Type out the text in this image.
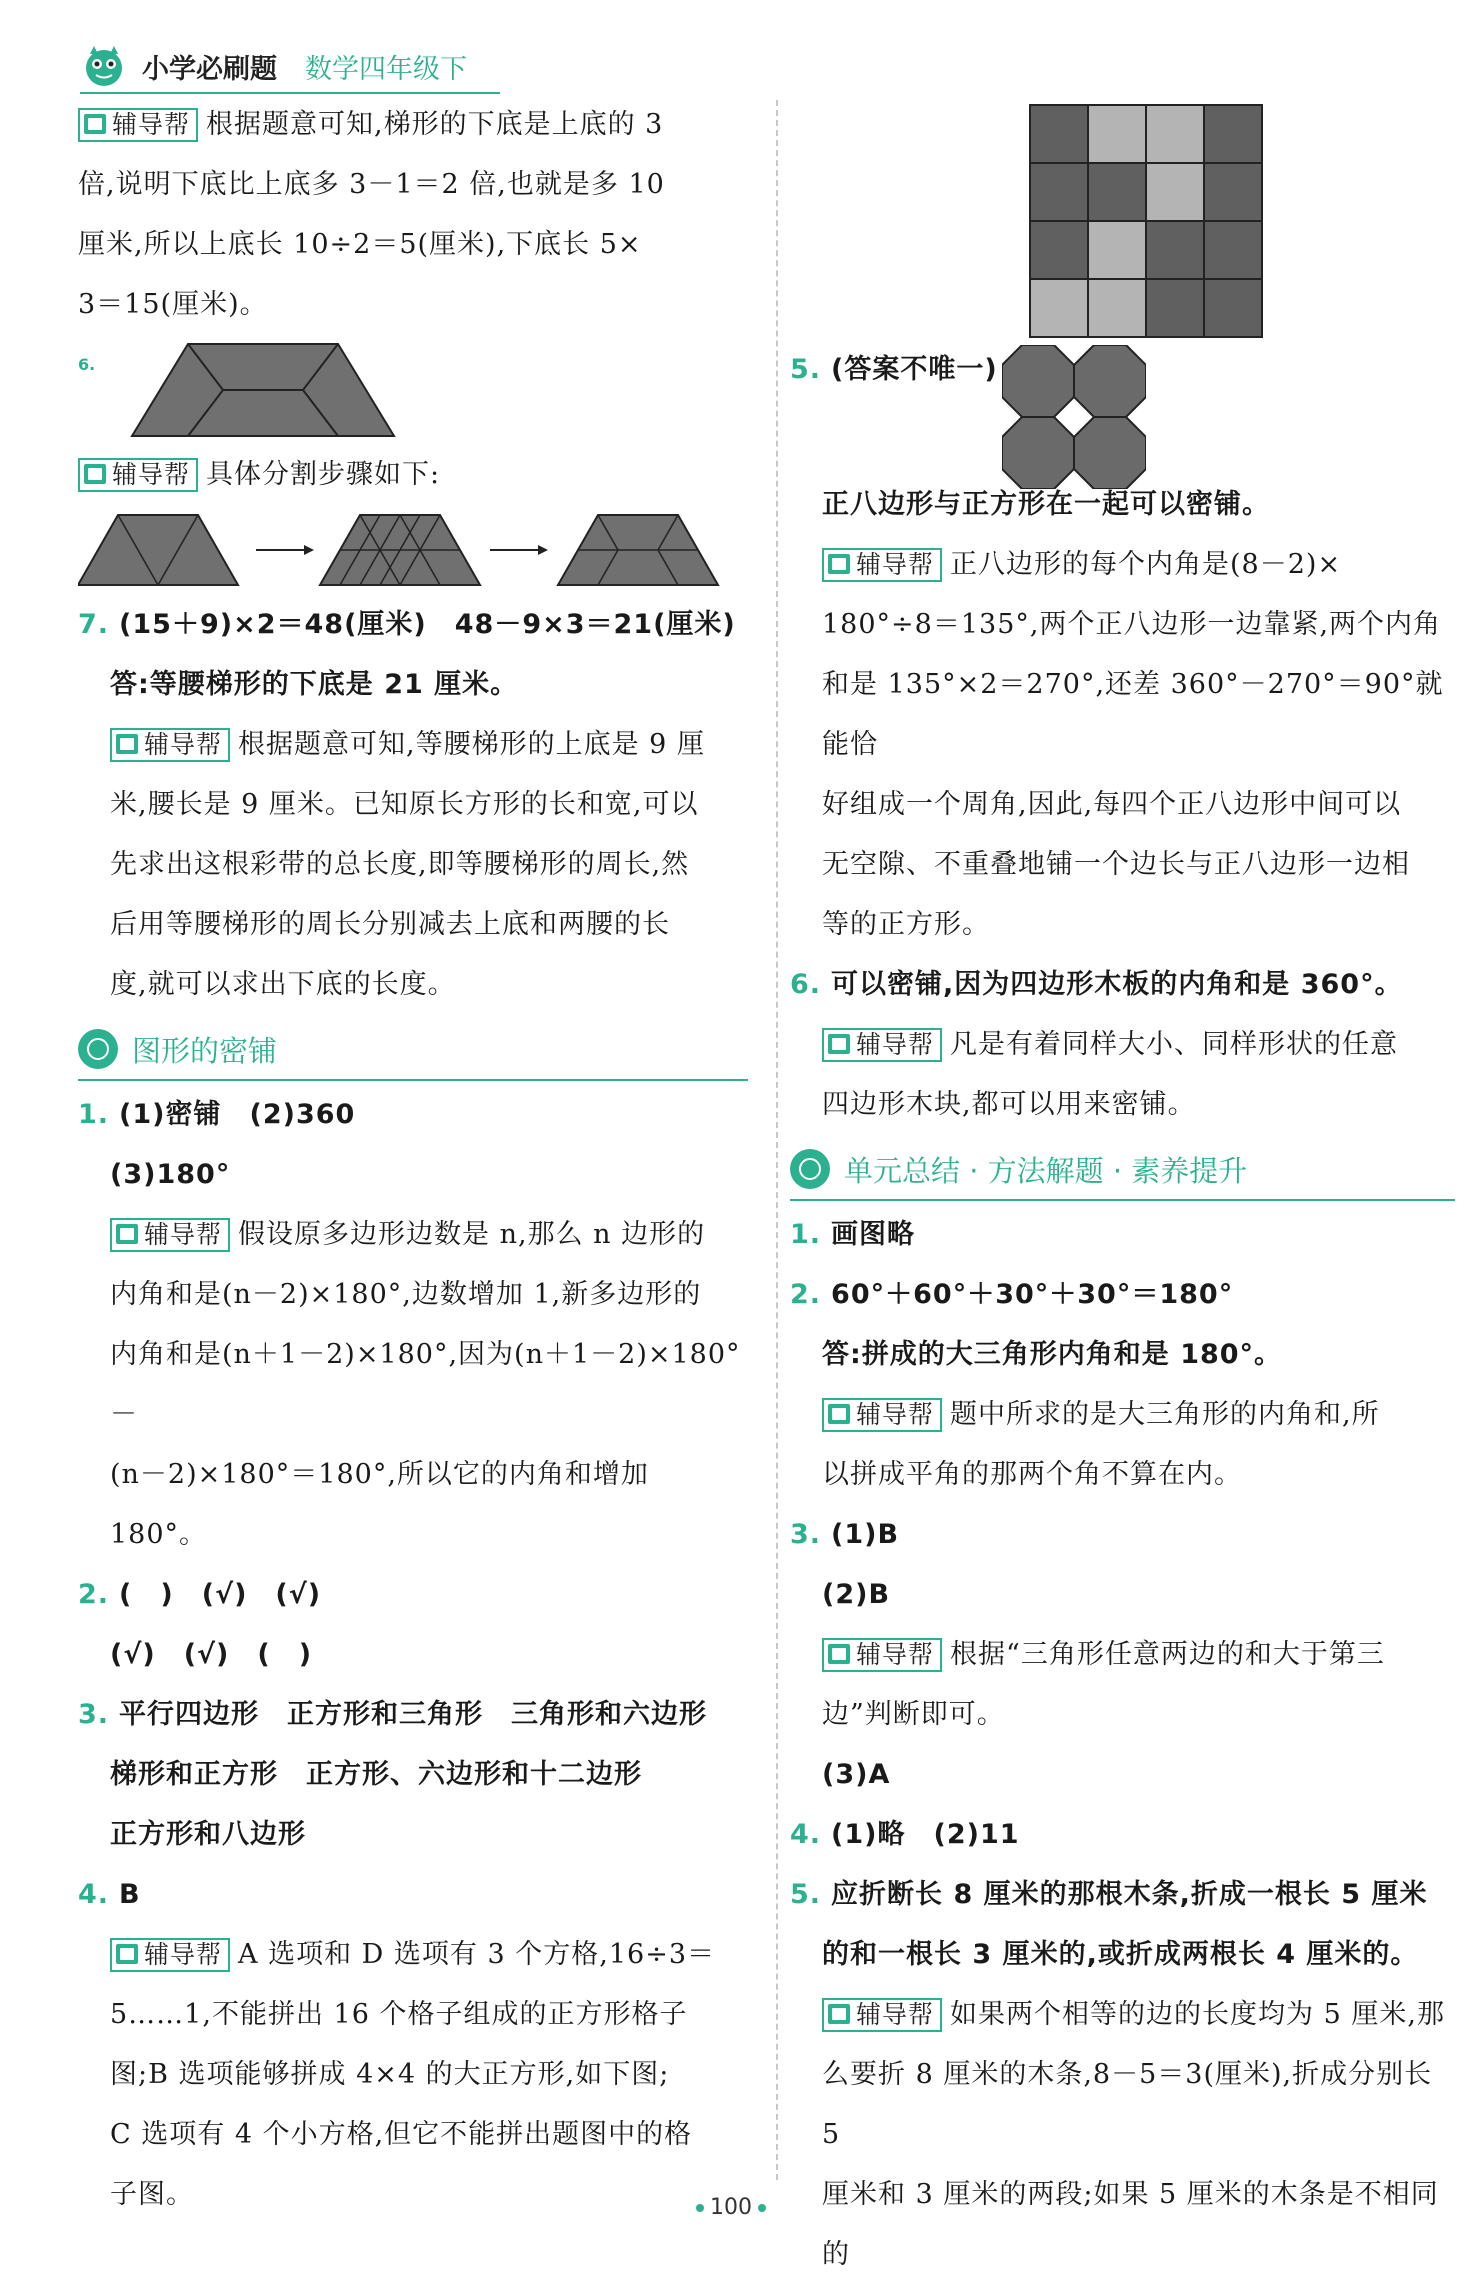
小学必刷题 数学四年级下

辅导帮 根据题意可知,梯形的下底是上底的 3

倍,说明下底比上底多 3－1＝2 倍,也就是多 10

厘米,所以上底长 10÷2＝5(厘米),下底长 5×

3＝15(厘米)。

6.

辅导帮 具体分割步骤如下:

7. (15＋9)×2＝48(厘米)　48－9×3＝21(厘米)

答:等腰梯形的下底是 21 厘米。

辅导帮 根据题意可知,等腰梯形的上底是 9 厘

米,腰长是 9 厘米。已知原长方形的长和宽,可以

先求出这根彩带的总长度,即等腰梯形的周长,然

后用等腰梯形的周长分别减去上底和两腰的长

度,就可以求出下底的长度。

图形的密铺

1. (1)密铺　(2)360

(3)180°

辅导帮 假设原多边形边数是 n,那么 n 边形的

内角和是(n－2)×180°,边数增加 1,新多边形的

内角和是(n＋1－2)×180°,因为(n＋1－2)×180°－

(n－2)×180°＝180°,所以它的内角和增加 180°。

2. (　)　(√)　(√)

(√)　(√)　(　)

3. 平行四边形　正方形和三角形　三角形和六边形

梯形和正方形　正方形、六边形和十二边形

正方形和八边形

4. B

辅导帮 A 选项和 D 选项有 3 个方格,16÷3＝

5……1,不能拼出 16 个格子组成的正方形格子

图;B 选项能够拼成 4×4 的大正方形,如下图;

C 选项有 4 个小方格,但它不能拼出题图中的格

子图。

5. (答案不唯一)

正八边形与正方形在一起可以密铺。

辅导帮 正八边形的每个内角是(8－2)×

180°÷8＝135°,两个正八边形一边靠紧,两个内角

和是 135°×2＝270°,还差 360°－270°＝90°就能恰

好组成一个周角,因此,每四个正八边形中间可以

无空隙、不重叠地铺一个边长与正八边形一边相

等的正方形。

6. 可以密铺,因为四边形木板的内角和是 360°。

辅导帮 凡是有着同样大小、同样形状的任意

四边形木块,都可以用来密铺。

单元总结 · 方法解题 · 素养提升

1. 画图略

2. 60°＋60°＋30°＋30°＝180°

答:拼成的大三角形内角和是 180°。

辅导帮 题中所求的是大三角形的内角和,所

以拼成平角的那两个角不算在内。

3. (1)B

(2)B

辅导帮 根据“三角形任意两边的和大于第三

边”判断即可。

(3)A

4. (1)略　(2)11

5. 应折断长 8 厘米的那根木条,折成一根长 5 厘米

的和一根长 3 厘米的,或折成两根长 4 厘米的。

辅导帮 如果两个相等的边的长度均为 5 厘米,那

么要折 8 厘米的木条,8－5＝3(厘米),折成分别长 5

厘米和 3 厘米的两段;如果 5 厘米的木条是不相同的

100
